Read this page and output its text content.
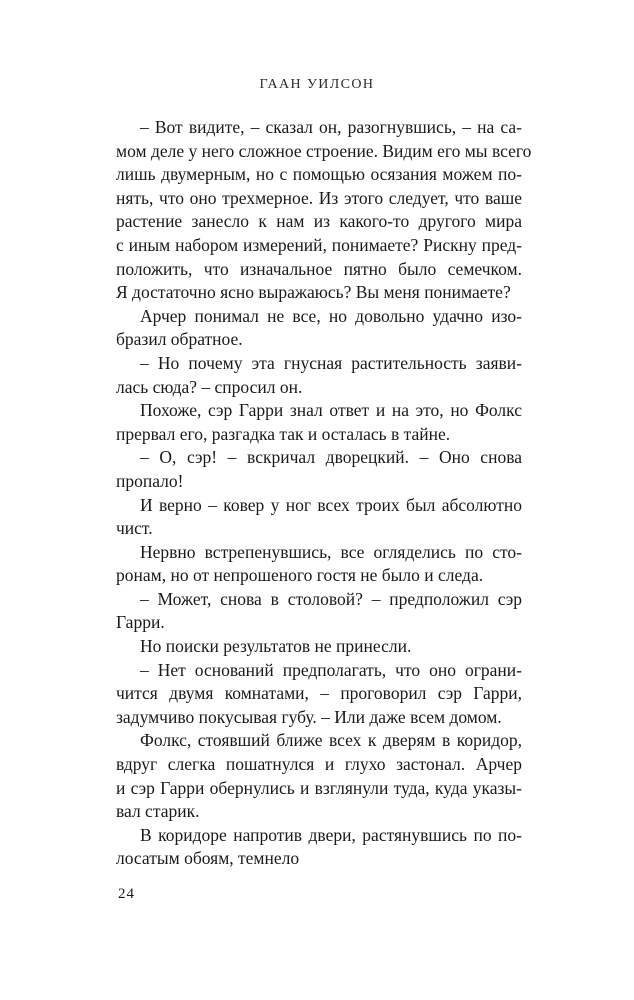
ГААН УИЛСОН

– Вот видите, – сказал он, разогнувшись, – на са-
мом деле у него сложное строение. Видим его мы всего
лишь двумерным, но с помощью осязания можем по-
нять, что оно трехмерное. Из этого следует, что ваше
растение занесло к нам из какого-то другого мира
с иным набором измерений, понимаете? Рискну пред-
положить, что изначальное пятно было семечком.
Я достаточно ясно выражаюсь? Вы меня понимаете?

Арчер понимал не все, но довольно удачно изо-
бразил обратное.

– Но почему эта гнусная растительность заяви-
лась сюда? – спросил он.

Похоже, сэр Гарри знал ответ и на это, но Фолкс
прервал его, разгадка так и осталась в тайне.

– О, сэр! – вскричал дворецкий. – Оно снова
пропало!

И верно – ковер у ног всех троих был абсолютно
чист.

Нервно встрепенувшись, все огляделись по сто-
ронам, но от непрошеного гостя не было и следа.

– Может, снова в столовой? – предположил сэр
Гарри.

Но поиски результатов не принесли.

– Нет оснований предполагать, что оно ограни-
чится двумя комнатами, – проговорил сэр Гарри,
задумчиво покусывая губу. – Или даже всем домом.

Фолкс, стоявший ближе всех к дверям в коридор,
вдруг слегка пошатнулся и глухо застонал. Арчер
и сэр Гарри обернулись и взглянули туда, куда указы-
вал старик.

В коридоре напротив двери, растянувшись по по-
лосатым обоям, темнело

24
